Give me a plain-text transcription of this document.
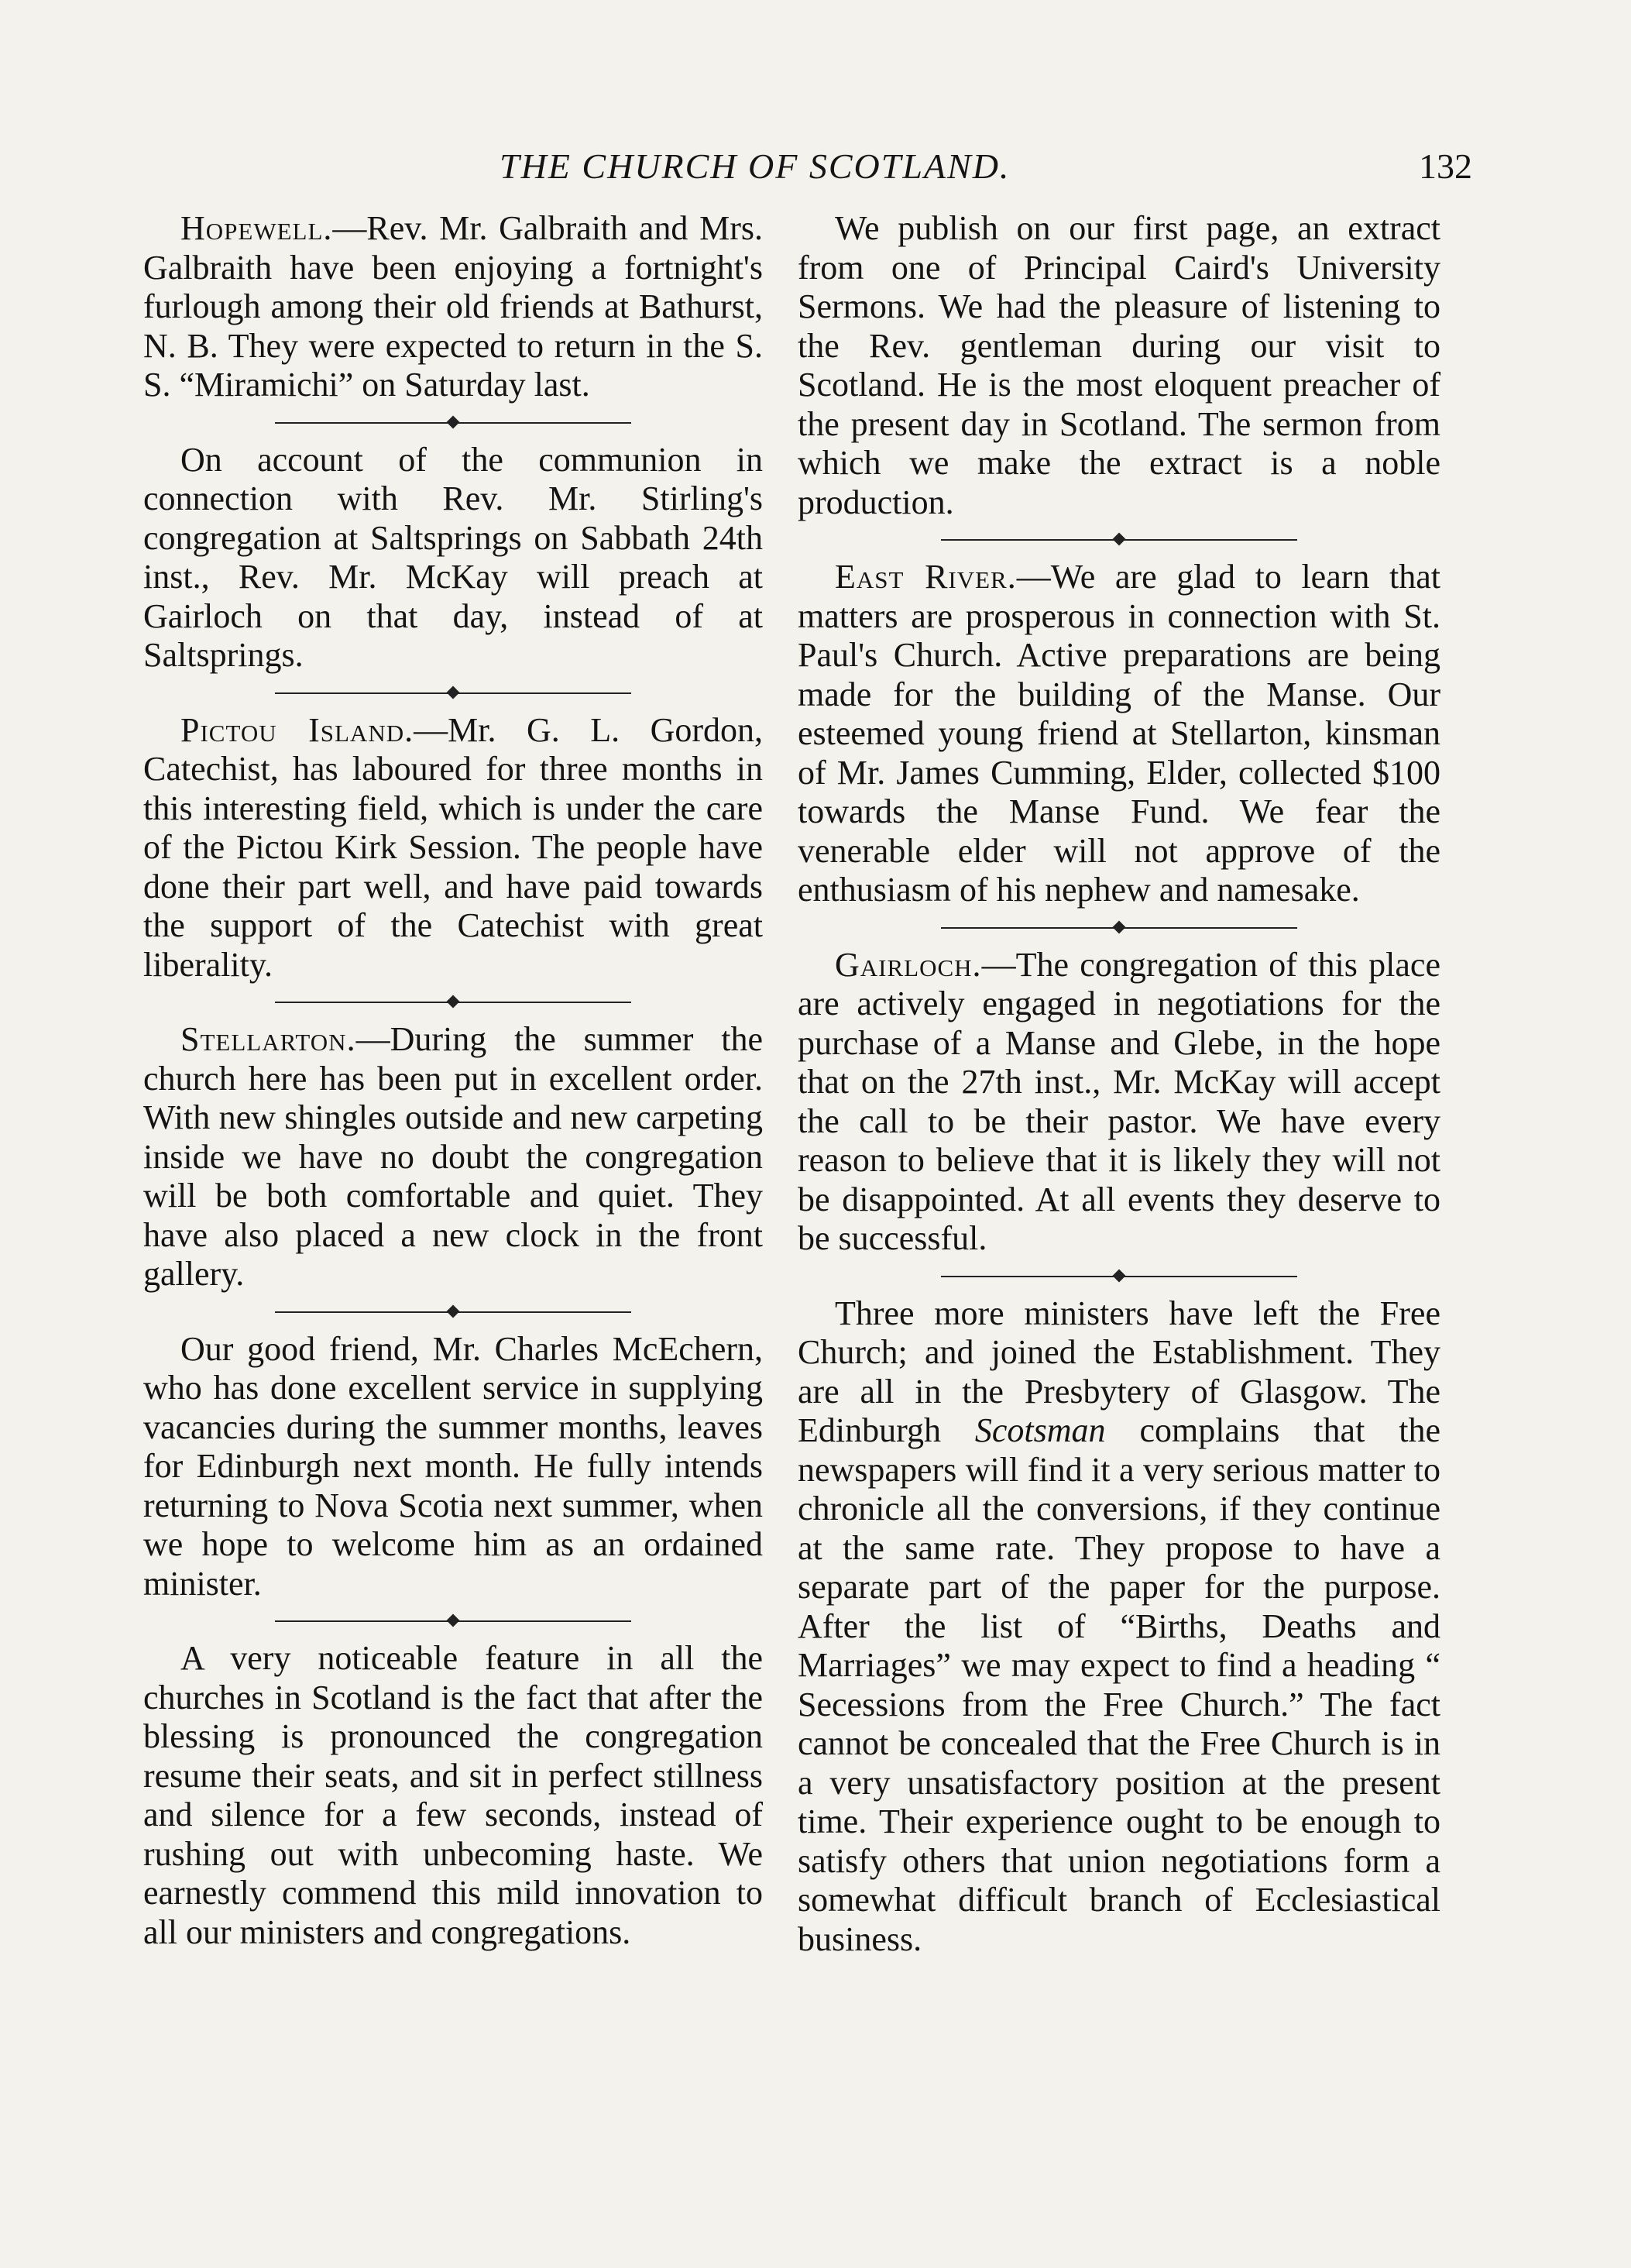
THE CHURCH OF SCOTLAND.	132

Hopewell.—Rev. Mr. Galbraith and Mrs. Galbraith have been enjoying a fortnight's furlough among their old friends at Bathurst, N. B. They were expected to return in the S. S. “Miramichi” on Saturday last.

On account of the communion in connection with Rev. Mr. Stirling's congregation at Saltsprings on Sabbath 24th inst., Rev. Mr. McKay will preach at Gairloch on that day, instead of at Saltsprings.

Pictou Island.—Mr. G. L. Gordon, Catechist, has laboured for three months in this interesting field, which is under the care of the Pictou Kirk Session. The people have done their part well, and have paid towards the support of the Catechist with great liberality.

Stellarton.—During the summer the church here has been put in excellent order. With new shingles outside and new carpeting inside we have no doubt the congregation will be both comfortable and quiet. They have also placed a new clock in the front gallery.

Our good friend, Mr. Charles McEchern, who has done excellent service in supplying vacancies during the summer months, leaves for Edinburgh next month. He fully intends returning to Nova Scotia next summer, when we hope to welcome him as an ordained minister.

A very noticeable feature in all the churches in Scotland is the fact that after the blessing is pronounced the congregation resume their seats, and sit in perfect stillness and silence for a few seconds, instead of rushing out with unbecoming haste. We earnestly commend this mild innovation to all our ministers and congregations.

We publish on our first page, an extract from one of Principal Caird's University Sermons. We had the pleasure of listening to the Rev. gentleman during our visit to Scotland. He is the most eloquent preacher of the present day in Scotland. The sermon from which we make the extract is a noble production.

East River.—We are glad to learn that matters are prosperous in connection with St. Paul's Church. Active preparations are being made for the building of the Manse. Our esteemed young friend at Stellarton, kinsman of Mr. James Cumming, Elder, collected $100 towards the Manse Fund. We fear the venerable elder will not approve of the enthusiasm of his nephew and namesake.

Gairloch.—The congregation of this place are actively engaged in negotiations for the purchase of a Manse and Glebe, in the hope that on the 27th inst., Mr. McKay will accept the call to be their pastor. We have every reason to believe that it is likely they will not be disappointed. At all events they deserve to be successful.

Three more ministers have left the Free Church; and joined the Establishment. They are all in the Presbytery of Glasgow. The Edinburgh Scotsman complains that the newspapers will find it a very serious matter to chronicle all the conversions, if they continue at the same rate. They propose to have a separate part of the paper for the purpose. After the list of “Births, Deaths and Marriages” we may expect to find a heading “ Secessions from the Free Church.” The fact cannot be concealed that the Free Church is in a very unsatisfactory position at the present time. Their experience ought to be enough to satisfy others that union negotiations form a somewhat difficult branch of Ecclesiastical business.
